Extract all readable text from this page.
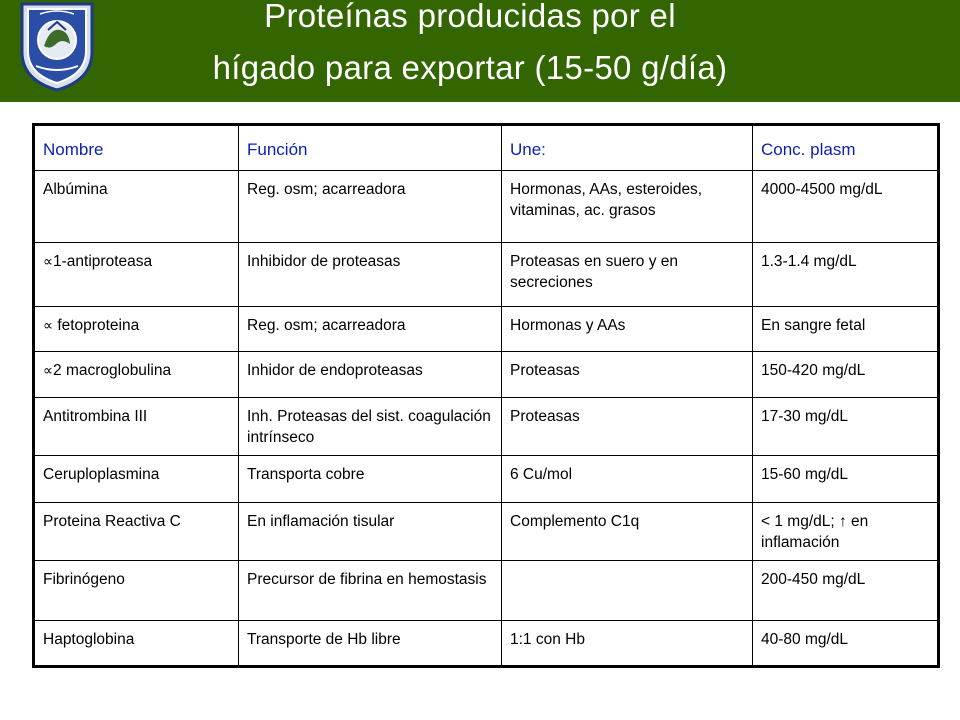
Proteínas producidas por el
hígado para exportar (15-50 g/día)
Nombre	Función	Une:	Conc. plasm
Albúmina	Reg. osm; acarreadora	Hormonas, AAs, esteroides, vitaminas, ac. grasos	4000-4500 mg/dL
∝1-antiproteasa	Inhibidor de proteasas	Proteasas en suero y en secreciones	1.3-1.4 mg/dL
∝ fetoproteina	Reg. osm; acarreadora	Hormonas y AAs	En sangre fetal
∝2 macroglobulina	Inhidor de endoproteasas	Proteasas	150-420 mg/dL
Antitrombina III	Inh. Proteasas del sist. coagulación intrínseco	Proteasas	17-30 mg/dL
Ceruploplasmina	Transporta cobre	6 Cu/mol	15-60 mg/dL
Proteina Reactiva C	En inflamación tisular	Complemento C1q	< 1 mg/dL; ↑ en inflamación
Fibrinógeno	Precursor de fibrina en hemostasis		200-450 mg/dL
Haptoglobina	Transporte de Hb libre	1:1 con Hb	40-80 mg/dL
